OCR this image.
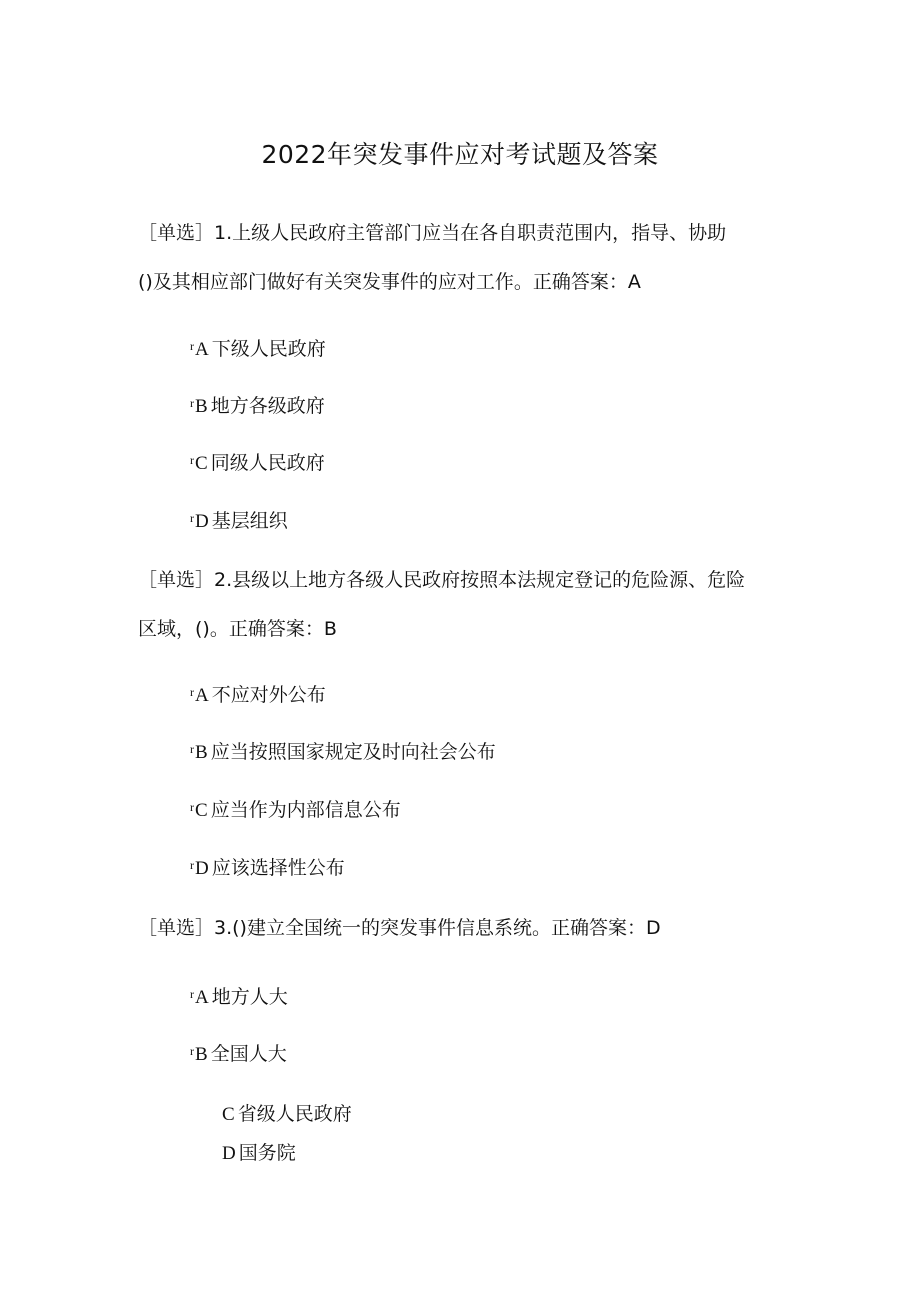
2022年突发事件应对考试题及答案
［单选］1.上级人民政府主管部门应当在各自职责范围内，指导、协助
()及其相应部门做好有关突发事件的应对工作。正确答案：A
$^r$A 下级人民政府
$^r$B 地方各级政府
$^r$C 同级人民政府
$^r$D 基层组织
［单选］2.县级以上地方各级人民政府按照本法规定登记的危险源、危险
区域，()。正确答案：B
$^r$A 不应对外公布
$^r$B 应当按照国家规定及时向社会公布
$^r$C 应当作为内部信息公布
$^r$D 应该选择性公布
［单选］3.()建立全国统一的突发事件信息系统。正确答案：D
$^r$A 地方人大
$^r$B 全国人大
C 省级人民政府
D 国务院
